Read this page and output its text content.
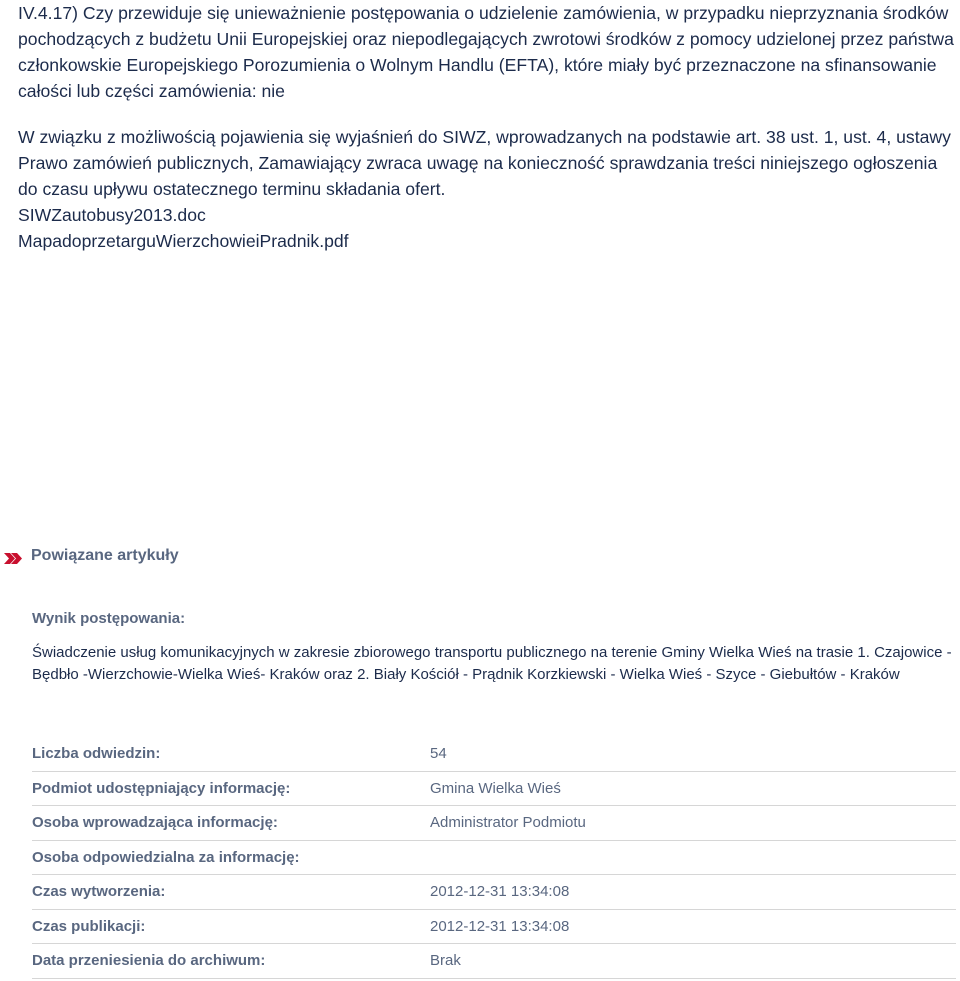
IV.4.17) Czy przewiduje się unieważnienie postępowania o udzielenie zamówienia, w przypadku nieprzyznania środków pochodzących z budżetu Unii Europejskiej oraz niepodlegających zwrotowi środków z pomocy udzielonej przez państwa członkowskie Europejskiego Porozumienia o Wolnym Handlu (EFTA), które miały być przeznaczone na sfinansowanie całości lub części zamówienia: nie

W związku z możliwością pojawienia się wyjaśnień do SIWZ, wprowadzanych na podstawie art. 38 ust. 1, ust. 4, ustawy Prawo zamówień publicznych, Zamawiający zwraca uwagę na konieczność sprawdzania treści niniejszego ogłoszenia do czasu upływu ostatecznego terminu składania ofert.

SIWZautobusy2013.doc
MapadoprzetarguWierzchowieiPradnik.pdf
Powiązane artykuły
Wynik postępowania:
Świadczenie usług komunikacyjnych w zakresie zbiorowego transportu publicznego na terenie Gminy Wielka Wieś na trasie 1. Czajowice -Będbło -Wierzchowie-Wielka Wieś- Kraków oraz 2. Biały Kościół - Prądnik Korzkiewski - Wielka Wieś - Szyce - Giebułtów - Kraków
Liczba odwiedzin:	54
Podmiot udostępniający informację:	Gmina Wielka Wieś
Osoba wprowadzająca informację:	Administrator Podmiotu
Osoba odpowiedzialna za informację:	
Czas wytworzenia:	2012-12-31 13:34:08
Czas publikacji:	2012-12-31 13:34:08
Data przeniesienia do archiwum:	Brak
